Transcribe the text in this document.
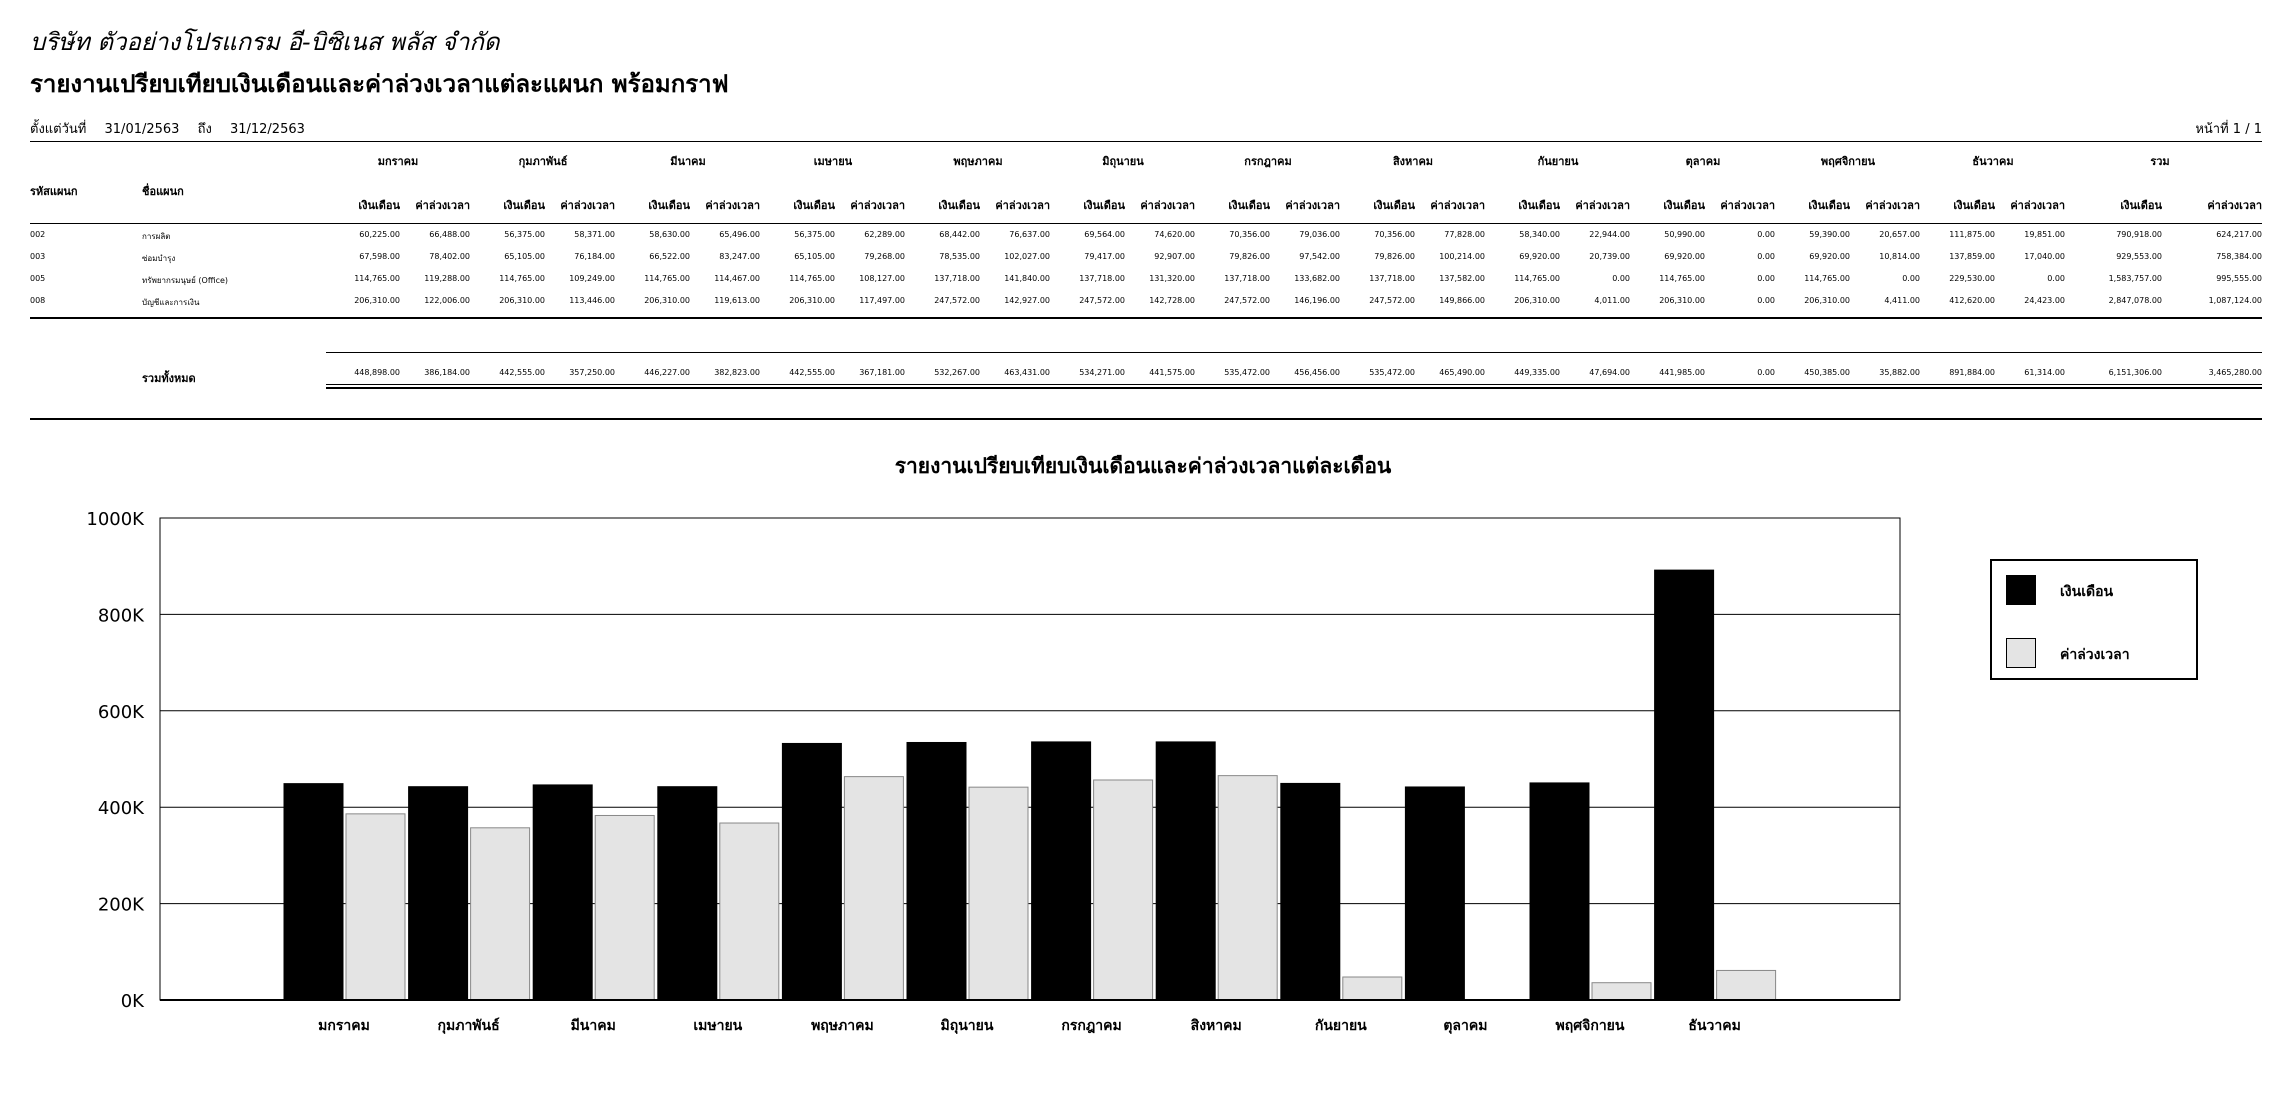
บริษัท ตัวอย่างโปรแกรม อี-บิซิเนส พลัส จำกัด
รายงานเปรียบเทียบเงินเดือนและค่าล่วงเวลาแต่ละแผนก พร้อมกราฟ
ตั้งแต่วันที่ 31/01/2563 ถึง 31/12/2563	หน้าที่ 1 / 1
รหัสแผนก	ชื่อแผนก
มกราคม	กุมภาพันธ์	มีนาคม	เมษายน	พฤษภาคม	มิถุนายน	กรกฎาคม	สิงหาคม	กันยายน	ตุลาคม	พฤศจิกายน	ธันวาคม	รวม
เงินเดือน	ค่าล่วงเวลา	เงินเดือน	ค่าล่วงเวลา	เงินเดือน	ค่าล่วงเวลา	เงินเดือน	ค่าล่วงเวลา	เงินเดือน	ค่าล่วงเวลา	เงินเดือน	ค่าล่วงเวลา	เงินเดือน	ค่าล่วงเวลา	เงินเดือน	ค่าล่วงเวลา	เงินเดือน	ค่าล่วงเวลา	เงินเดือน	ค่าล่วงเวลา	เงินเดือน	ค่าล่วงเวลา	เงินเดือน	ค่าล่วงเวลา	เงินเดือน	ค่าล่วงเวลา
002	การผลิต	60,225.00	66,488.00	56,375.00	58,371.00	58,630.00	65,496.00	56,375.00	62,289.00	68,442.00	76,637.00	69,564.00	74,620.00	70,356.00	79,036.00	70,356.00	77,828.00	58,340.00	22,944.00	50,990.00	0.00	59,390.00	20,657.00	111,875.00	19,851.00	790,918.00	624,217.00
003	ซ่อมบำรุง	67,598.00	78,402.00	65,105.00	76,184.00	66,522.00	83,247.00	65,105.00	79,268.00	78,535.00	102,027.00	79,417.00	92,907.00	79,826.00	97,542.00	79,826.00	100,214.00	69,920.00	20,739.00	69,920.00	0.00	69,920.00	10,814.00	137,859.00	17,040.00	929,553.00	758,384.00
005	ทรัพยากรมนุษย์ (Office)	114,765.00	119,288.00	114,765.00	109,249.00	114,765.00	114,467.00	114,765.00	108,127.00	137,718.00	141,840.00	137,718.00	131,320.00	137,718.00	133,682.00	137,718.00	137,582.00	114,765.00	0.00	114,765.00	0.00	114,765.00	0.00	229,530.00	0.00	1,583,757.00	995,555.00
008	บัญชีและการเงิน	206,310.00	122,006.00	206,310.00	113,446.00	206,310.00	119,613.00	206,310.00	117,497.00	247,572.00	142,927.00	247,572.00	142,728.00	247,572.00	146,196.00	247,572.00	149,866.00	206,310.00	4,011.00	206,310.00	0.00	206,310.00	4,411.00	412,620.00	24,423.00	2,847,078.00	1,087,124.00
รวมทั้งหมด	448,898.00	386,184.00	442,555.00	357,250.00	446,227.00	382,823.00	442,555.00	367,181.00	532,267.00	463,431.00	534,271.00	441,575.00	535,472.00	456,456.00	535,472.00	465,490.00	449,335.00	47,694.00	441,985.00	0.00	450,385.00	35,882.00	891,884.00	61,314.00	6,151,306.00	3,465,280.00
รายงานเปรียบเทียบเงินเดือนและค่าล่วงเวลาแต่ละเดือน
0K
200K
400K
600K
800K
1000K
มกราคม	กุมภาพันธ์	มีนาคม	เมษายน	พฤษภาคม	มิถุนายน	กรกฎาคม	สิงหาคม	กันยายน	ตุลาคม	พฤศจิกายน	ธันวาคม
เงินเดือน
ค่าล่วงเวลา
